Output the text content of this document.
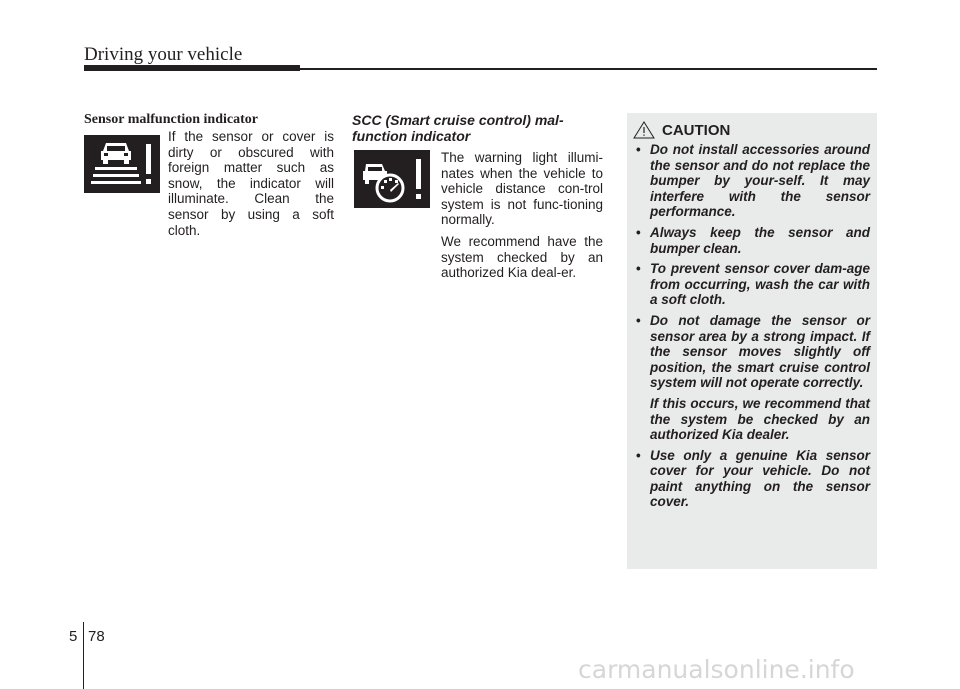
Driving your vehicle
Sensor malfunction indicator

If the sensor or cover is dirty or obscured with foreign matter such as snow, the indicator will illuminate. Clean the sensor by using a soft cloth.

SCC (Smart cruise control) mal-function indicator

The warning light illumi-nates when the vehicle to vehicle distance con-trol system is not func-tioning normally.

We recommend have the system checked by an authorized Kia deal-er.

CAUTION
• Do not install accessories around the sensor and do not replace the bumper by your-self. It may interfere with the sensor performance.

• Always keep the sensor and bumper clean.

• To prevent sensor cover dam-age from occurring, wash the car with a soft cloth.

• Do not damage the sensor or sensor area by a strong impact. If the sensor moves slightly off position, the smart cruise control system will not operate correctly.

If this occurs, we recommend that the system be checked by an authorized Kia dealer.

• Use only a genuine Kia sensor cover for your vehicle. Do not paint anything on the sensor cover.

5 78
carmanualsonline.info
